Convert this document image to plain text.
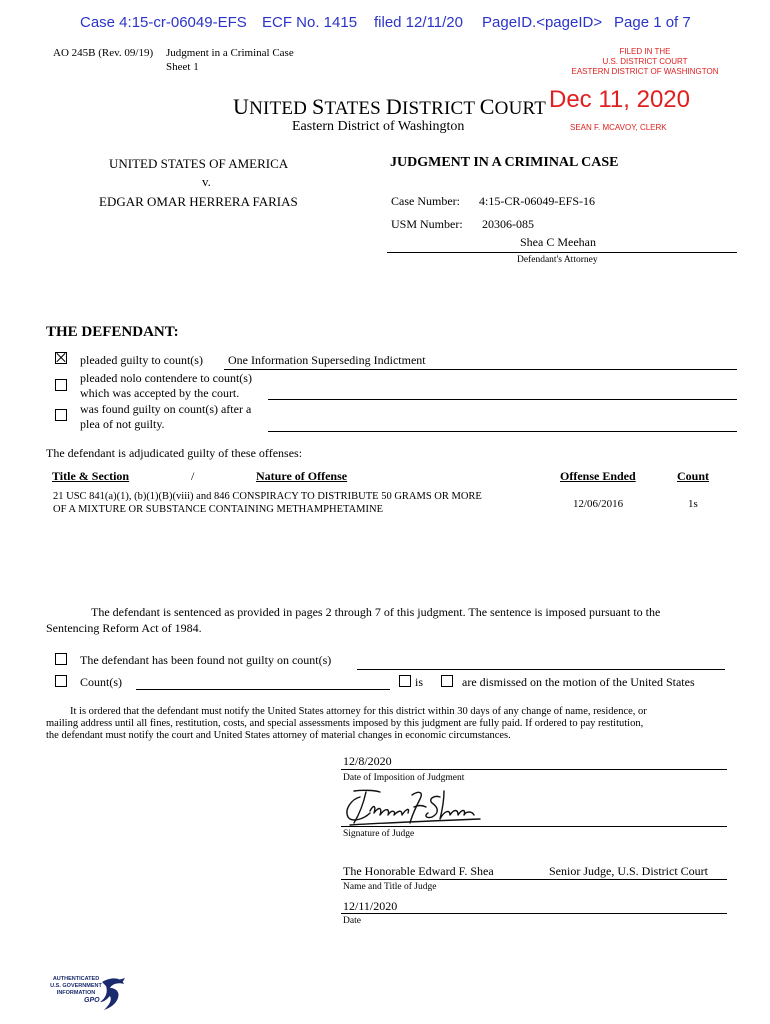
Case 4:15-cr-06049-EFS ECF No. 1415 filed 12/11/20 PageID.<pageID> Page 1 of 7
AO 245B (Rev. 09/19) Judgment in a Criminal Case
Sheet 1
FILED IN THE
U.S. DISTRICT COURT
EASTERN DISTRICT OF WASHINGTON
Dec 11, 2020
SEAN F. MCAVOY, CLERK
UNITED STATES DISTRICT COURT
Eastern District of Washington
UNITED STATES OF AMERICA
v.
EDGAR OMAR HERRERA FARIAS
JUDGMENT IN A CRIMINAL CASE
Case Number: 4:15-CR-06049-EFS-16
USM Number: 20306-085
Shea C Meehan
Defendant's Attorney
THE DEFENDANT:
pleaded guilty to count(s) One Information Superseding Indictment
pleaded nolo contendere to count(s)
which was accepted by the court.
was found guilty on count(s) after a
plea of not guilty.
The defendant is adjudicated guilty of these offenses:
Title & Section	/	Nature of Offense	Offense Ended	Count
21 USC 841(a)(1), (b)(1)(B)(viii) and 846 CONSPIRACY TO DISTRIBUTE 50 GRAMS OR MORE
OF A MIXTURE OR SUBSTANCE CONTAINING METHAMPHETAMINE	12/06/2016	1s
The defendant is sentenced as provided in pages 2 through 7 of this judgment. The sentence is imposed pursuant to the
Sentencing Reform Act of 1984.
The defendant has been found not guilty on count(s)
Count(s)	is	are dismissed on the motion of the United States
It is ordered that the defendant must notify the United States attorney for this district within 30 days of any change of name, residence, or
mailing address until all fines, restitution, costs, and special assessments imposed by this judgment are fully paid. If ordered to pay restitution,
the defendant must notify the court and United States attorney of material changes in economic circumstances.
12/8/2020
Date of Imposition of Judgment
Signature of Judge
The Honorable Edward F. Shea	Senior Judge, U.S. District Court
Name and Title of Judge
12/11/2020
Date
AUTHENTICATED
U.S. GOVERNMENT
INFORMATION
GPO
